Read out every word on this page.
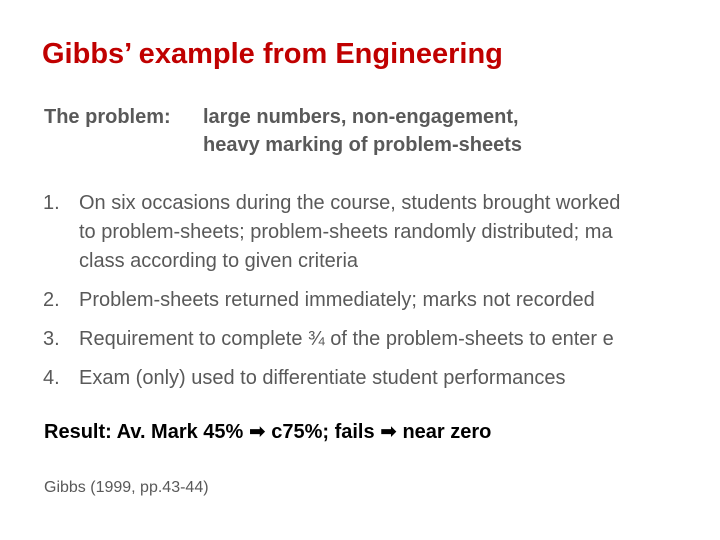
Gibbs’ example from Engineering
The problem:	large numbers, non-engagement,
heavy marking of problem-sheets
1. On six occasions during the course, students brought worked
to problem-sheets; problem-sheets randomly distributed; ma
class according to given criteria
2. Problem-sheets returned immediately; marks not recorded
3. Requirement to complete ¾ of the problem-sheets to enter e
4. Exam (only) used to differentiate student performances
Result: Av. Mark 45% ➡ c75%; fails ➡ near zero
Gibbs (1999, pp.43-44)
